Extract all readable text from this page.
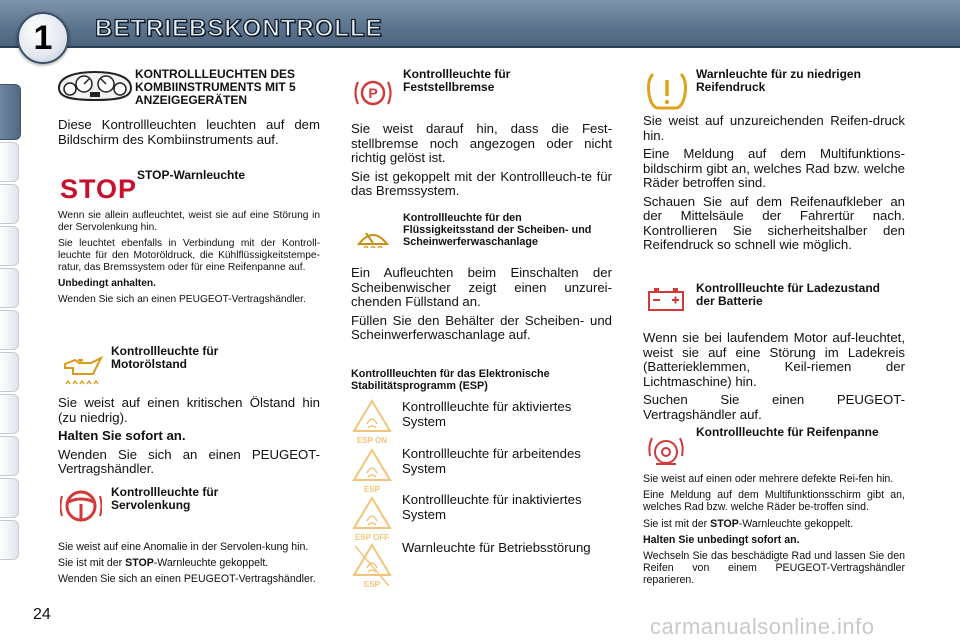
1	BETRIEBSKONTROLLE
KONTROLLLEUCHTEN DES KOMBIINSTRUMENTS MIT 5 ANZEIGEGERÄTEN
Diese Kontrollleuchten leuchten auf dem Bildschirm des Kombiinstruments auf.
STOP STOP-Warnleuchte

Wenn sie allein aufleuchtet, weist sie auf eine Störung in der Servolenkung hin.

Sie leuchtet ebenfalls in Verbindung mit der Kontroll-leuchte für den Motoröldruck, die Kühlflüssigkeitstempe-ratur, das Bremssystem oder für eine Reifenpanne auf.

Unbedingt anhalten.

Wenden Sie sich an einen PEUGEOT-Vertragshändler.

Kontrollleuchte für Motorölstand

Sie weist auf einen kritischen Ölstand hin (zu niedrig).

Halten Sie sofort an.

Wenden Sie sich an einen PEUGEOT-Vertragshändler.

!
Kontrollleuchte für Servolenkung

Sie weist auf eine Anomalie in der Servolen-kung hin.

Sie ist mit der STOP-Warnleuchte gekoppelt.

Wenden Sie sich an einen PEUGEOT-Vertragshändler.

P
Kontrollleuchte für Feststellbremse

Sie weist darauf hin, dass die Fest-stellbremse noch angezogen oder nicht richtig gelöst ist.

Sie ist gekoppelt mit der Kontrollleuch-te für das Bremssystem.

Kontrollleuchte für den Flüssigkeitsstand der Scheiben- und Scheinwerferwaschanlage

Ein Aufleuchten beim Einschalten der Scheibenwischer zeigt einen unzurei-chenden Füllstand an.

Füllen Sie den Behälter der Scheiben- und Scheinwerferwaschanlage auf.

Kontrollleuchten für das Elektronische Stabilitätsprogramm (ESP)
ESP ON
ESP
ESP OFF
ESP
Kontrollleuchte für aktiviertes System
Kontrollleuchte für arbeitendes System
Kontrollleuchte für inaktiviertes System
Warnleuchte für Betriebsstörung
Warnleuchte für zu niedrigen Reifendruck

Sie weist auf unzureichenden Reifen-druck hin.

Eine Meldung auf dem Multifunktions-bildschirm gibt an, welches Rad bzw. welche Räder betroffen sind.

Schauen Sie auf dem Reifenaufkleber an der Mittelsäule der Fahrertür nach. Kontrollieren Sie sicherheitshalber den Reifendruck so schnell wie möglich.

Kontrollleuchte für Ladezustand der Batterie

Wenn sie bei laufendem Motor auf-leuchtet, weist sie auf eine Störung im Ladekreis (Batterieklemmen, Keil-riemen der Lichtmaschine) hin.

Suchen Sie einen PEUGEOT-Vertragshändler auf.

Kontrollleuchte für Reifenpanne

Sie weist auf einen oder mehrere defekte Rei-fen hin.

Eine Meldung auf dem Multifunktionsschirm gibt an, welches Rad bzw. welche Räder be-troffen sind.

Sie ist mit der STOP-Warnleuchte gekoppelt.

Halten Sie unbedingt sofort an.

Wechseln Sie das beschädigte Rad und lassen Sie den Reifen von einem PEUGEOT-Vertragshändler reparieren.

24	carmanualsonline.info
